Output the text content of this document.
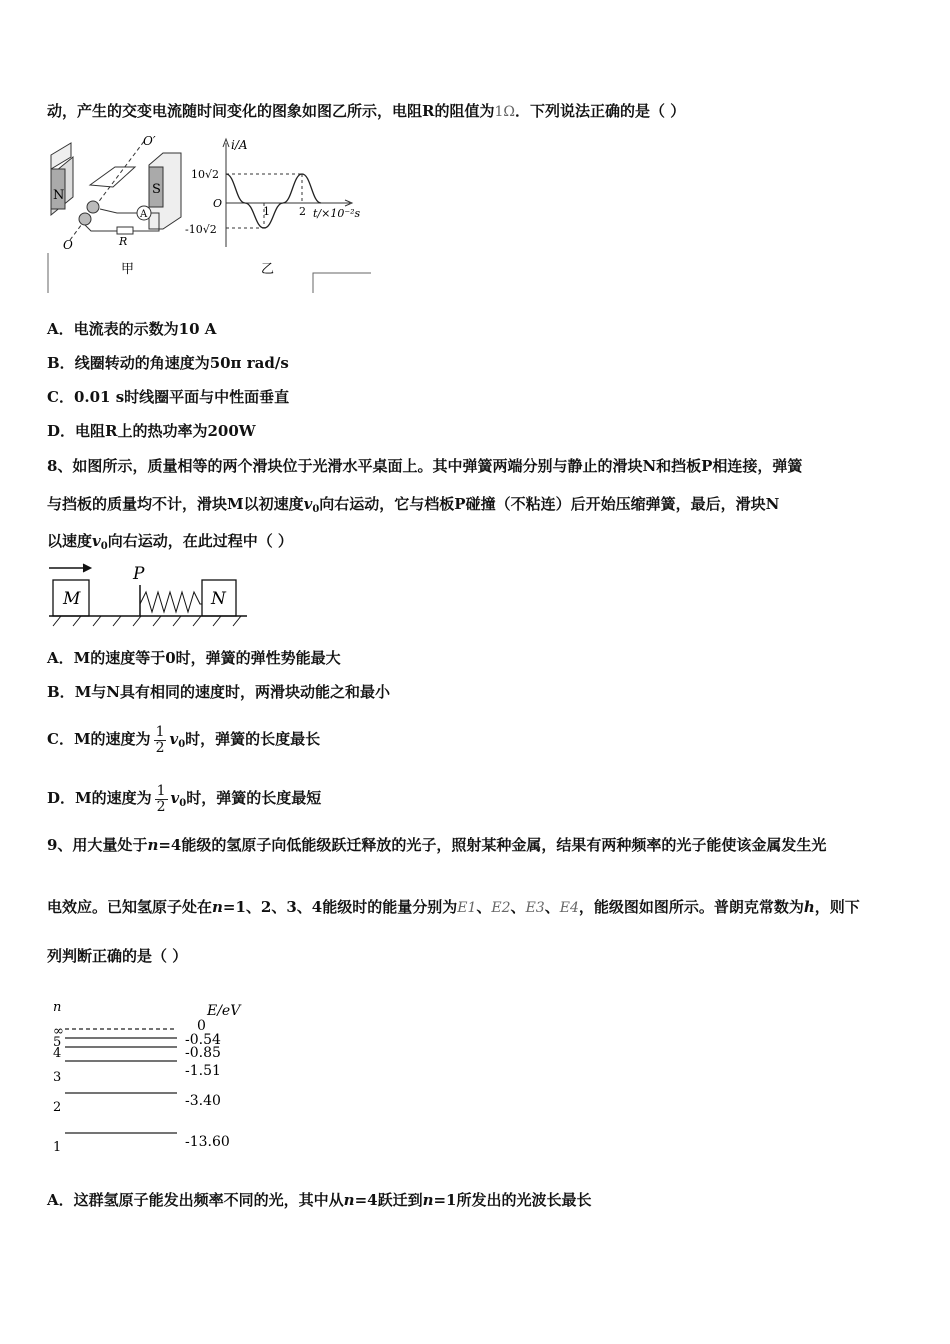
动，产生的交变电流随时间变化的图象如图乙所示，电阻R的阻值为1Ω．下列说法正确的是（ ）
N	S
O′
O
A
R
甲
i/A
t/×10⁻²s
10√2
-10√2
O
1	2
乙
A．电流表的示数为10 A
B．线圈转动的角速度为50π rad/s
C．0.01 s时线圈平面与中性面垂直
D．电阻R上的热功率为200W
8、如图所示，质量相等的两个滑块位于光滑水平桌面上。其中弹簧两端分别与静止的滑块N和挡板P相连接，弹簧
与挡板的质量均不计，滑块M以初速度$v_0$向右运动，它与档板P碰撞（不粘连）后开始压缩弹簧，最后，滑块N
以速度$v_0$向右运动，在此过程中（ ）
M
P
N
A．M的速度等于0时，弹簧的弹性势能最大
B．M与N具有相同的速度时，两滑块动能之和最小
C．M的速度为 $\frac{1}{2} v_0$时，弹簧的长度最长
D．M的速度为 $\frac{1}{2} v_0$时，弹簧的长度最短
9、用大量处于n=4能级的氢原子向低能级跃迁释放的光子，照射某种金属，结果有两种频率的光子能使该金属发生光
电效应。已知氢原子处在n=1、2、3、4能级时的能量分别为E1、E2、E3、E4，能级图如图所示。普朗克常数为h，则下
列判断正确的是（ ）
n	E/eV
∞	0
5	-0.54
4	-0.85
3	-1.51
2	-3.40
1	-13.60
A．这群氢原子能发出频率不同的光，其中从n=4跃迁到n=1所发出的光波长最长
